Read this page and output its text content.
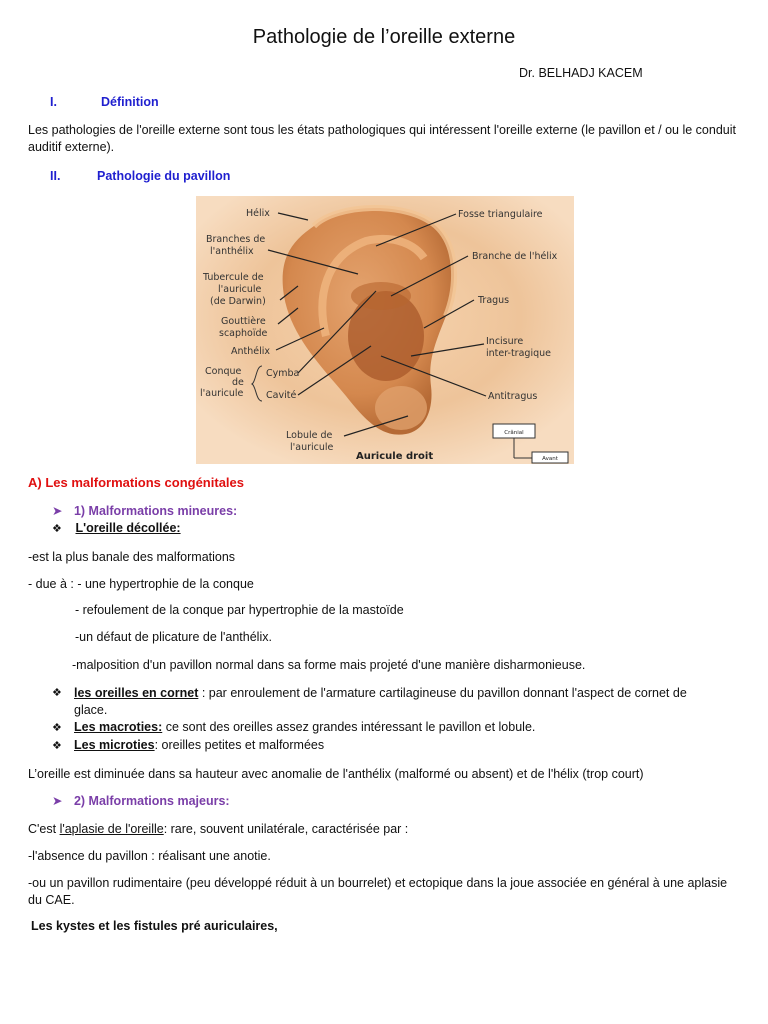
Pathologie de l’oreille externe
Dr. BELHADJ KACEM
I.	Définition
Les pathologies de l'oreille externe sont tous les états pathologiques qui intéressent l'oreille externe (le pavillon et / ou le conduit auditif externe).
II.	Pathologie du pavillon
Hélix
Branches de
l'anthélix
Tubercule de
l'auricule
(de Darwin)
Gouttière
scaphoïde
Anthélix
Conque
de
l'auricule
Cymba
Cavité
Lobule de
l'auricule
Fosse triangulaire
Branche de l'hélix
Tragus
Incisure
inter-tragique
Antitragus
Auricule droit
Crânial
Avant
A) Les malformations congénitales
➤ 1) Malformations mineures:
❖ L'oreille décollée:
-est la plus banale des malformations
- due à : - une hypertrophie de la conque
- refoulement de la conque par hypertrophie de la mastoïde
-un défaut de plicature de l'anthélix.
-malposition d'un pavillon normal dans sa forme mais projeté d'une manière disharmonieuse.
❖ les oreilles en cornet : par enroulement de l'armature cartilagineuse du pavillon donnant l'aspect de cornet de glace.
❖ Les macroties: ce sont des oreilles assez grandes intéressant le pavillon et lobule.
❖ Les microties: oreilles petites et malformées
L’oreille est diminuée dans sa hauteur avec anomalie de l'anthélix (malformé ou absent) et de l'hélix (trop court)
➤ 2) Malformations majeurs:
C'est l'aplasie de l'oreille: rare, souvent unilatérale, caractérisée par :
-l'absence du pavillon : réalisant une anotie.
-ou un pavillon rudimentaire (peu développé réduit à un bourrelet) et ectopique dans la joue associée en général à une aplasie du CAE.
Les kystes et les fistules pré auriculaires,
